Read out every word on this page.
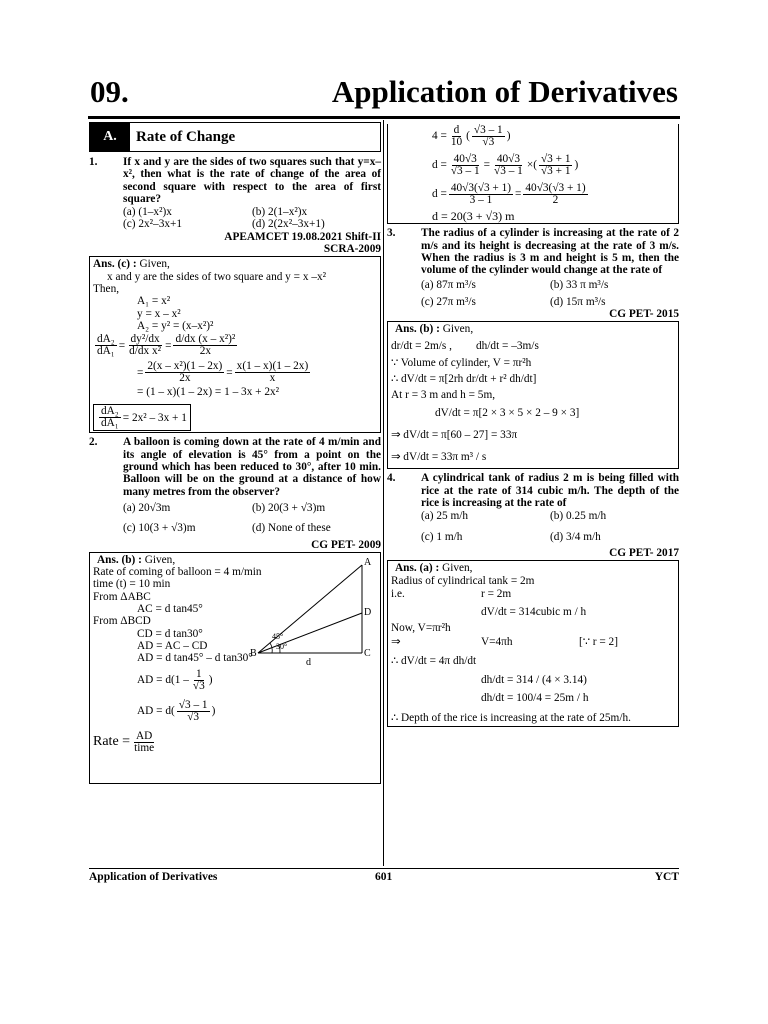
09.	Application of Derivatives
A.	Rate of Change
1.	If x and y are the sides of two squares such that y=x–x², then what is the rate of change of the area of second square with respect to the area of first square?
(a) (1–x²)x	(b) 2(1–x²)x
(c) 2x²–3x+1	(d) 2(2x²–3x+1)
APEAMCET 19.08.2021 Shift-II
SCRA-2009
Ans. (c) : Given,
x and y are the sides of two square and y = x –x²
Then,
A₁ = x²
y = x – x²
A₂ = y² = (x–x²)²
$\frac{\text{dA₂}}{\text{dA₁}} = \frac{\text{dy²/dx}}{\text{d/dx x²}} = \frac{\text{d/dx (x – x²)²}}{2x}$
= $\frac{\text{2(x – x²)(1 – 2x)}}{2x} = \frac{x(1 - x)(1 - 2x)}{x}$
= (1 – x)(1 – 2x) = 1 – 3x + 2x²
$\frac{\text{dA₂}}{\text{dA₁}} = 2x^2 - 3x + 1$
2.	A balloon is coming down at the rate of 4 m/min and its angle of elevation is 45° from a point on the ground which has been reduced to 30°, after 10 min. Balloon will be on the ground at a distance of how many metres from the observer?
(a) 20√3m	(b) 20(3 + √3)m
(c) 10(3 + √3)m	(d) None of these
CG PET- 2009
Ans. (b) : Given,
Rate of coming of balloon = 4 m/min
time (t) = 10 min
From ΔABC
AC = d tan45°
From ΔBCD
CD = d tan30°
AD = AC – CD
AD = d tan45° – d tan30°
AD = d ($1 - \frac{1}{√3}$ )
AD = d ( $\frac{√3 - 1}{√3}$ )
Rate = $\frac{AD}{\text{time}}$
A
D
B	C
d
45°
30°
$4 = \frac{d}{10}$ ( $\frac{√3 - 1}{√3}$ )
$d = \frac{40√3}{√3 - 1} = \frac{40√3}{√3 - 1}$ × ( $\frac{√3 + 1}{√3 + 1}$ )
$d = \frac{40√3(√3 + 1)}{3 - 1} = \frac{40√3(√3 + 1)}{2}$
d = 20(3 + √3) m
3.	The radius of a cylinder is increasing at the rate of 2 m/s and its height is decreasing at the rate of 3 m/s. When the radius is 3 m and height is 5 m, then the volume of the cylinder would change at the rate of
(a) 87π m³/s	(b) 33 π m³/s
(c) 27π m³/s	(d) 15π m³/s
CG PET- 2015
Ans. (b) : Given,
dr/dt = 2m/s , dh/dt = –3m/s
∵ Volume of cylinder, V = πr²h
∴ dV/dt = π[2rh dr/dt + r² dh/dt]
At r = 3 m and h = 5m,
dV/dt = π[2 × 3 × 5 × 2 – 9 × 3]
⇒ dV/dt = π[60 – 27] = 33π
⇒ dV/dt = 33π m³ / s
4.	A cylindrical tank of radius 2 m is being filled with rice at the rate of 314 cubic m/h. The depth of the rice is increasing at the rate of
(a) 25 m/h	(b) 0.25 m/h
(c) 1 m/h	(d) 3/4 m/h
CG PET- 2017
Ans. (a) : Given,
Radius of cylindrical tank = 2m
i.e.	r = 2m
dV/dt = 314cubic m / h
Now, V=πr²h
⇒	V=4πh	[∵ r = 2]
∴ dV/dt = 4π dh/dt
dh/dt = 314 / (4 × 3.14)
dh/dt = 100/4 = 25m / h
∴ Depth of the rice is increasing at the rate of 25m/h.
Application of Derivatives	601	YCT
